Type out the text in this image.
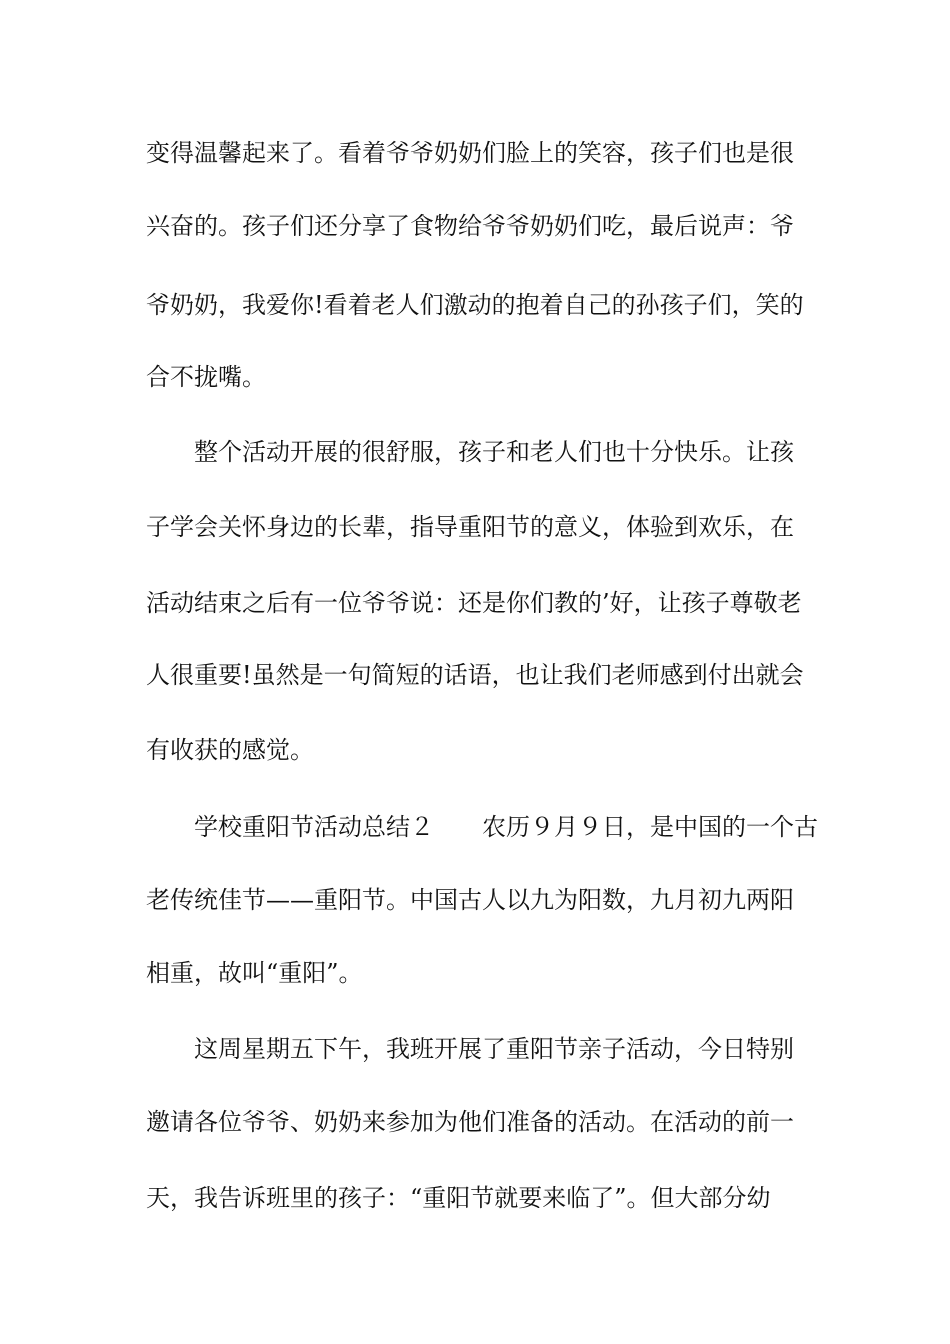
变得温馨起来了。看着爷爷奶奶们脸上的笑容，孩子们也是很
兴奋的。孩子们还分享了食物给爷爷奶奶们吃，最后说声：爷
爷奶奶，我爱你!看着老人们激动的抱着自己的孙孩子们，笑的
合不拢嘴。
整个活动开展的很舒服，孩子和老人们也十分快乐。让孩
子学会关怀身边的长辈，指导重阳节的意义，体验到欢乐，在
活动结束之后有一位爷爷说：还是你们教的’好，让孩子尊敬老
人很重要!虽然是一句简短的话语，也让我们老师感到付出就会
有收获的感觉。
学校重阳节活动总结２　　农历９月９日，是中国的一个古
老传统佳节——重阳节。中国古人以九为阳数，九月初九两阳
相重，故叫“重阳”。
这周星期五下午，我班开展了重阳节亲子活动，今日特别
邀请各位爷爷、奶奶来参加为他们准备的活动。在活动的前一
天，我告诉班里的孩子：“重阳节就要来临了”。但大部分幼
